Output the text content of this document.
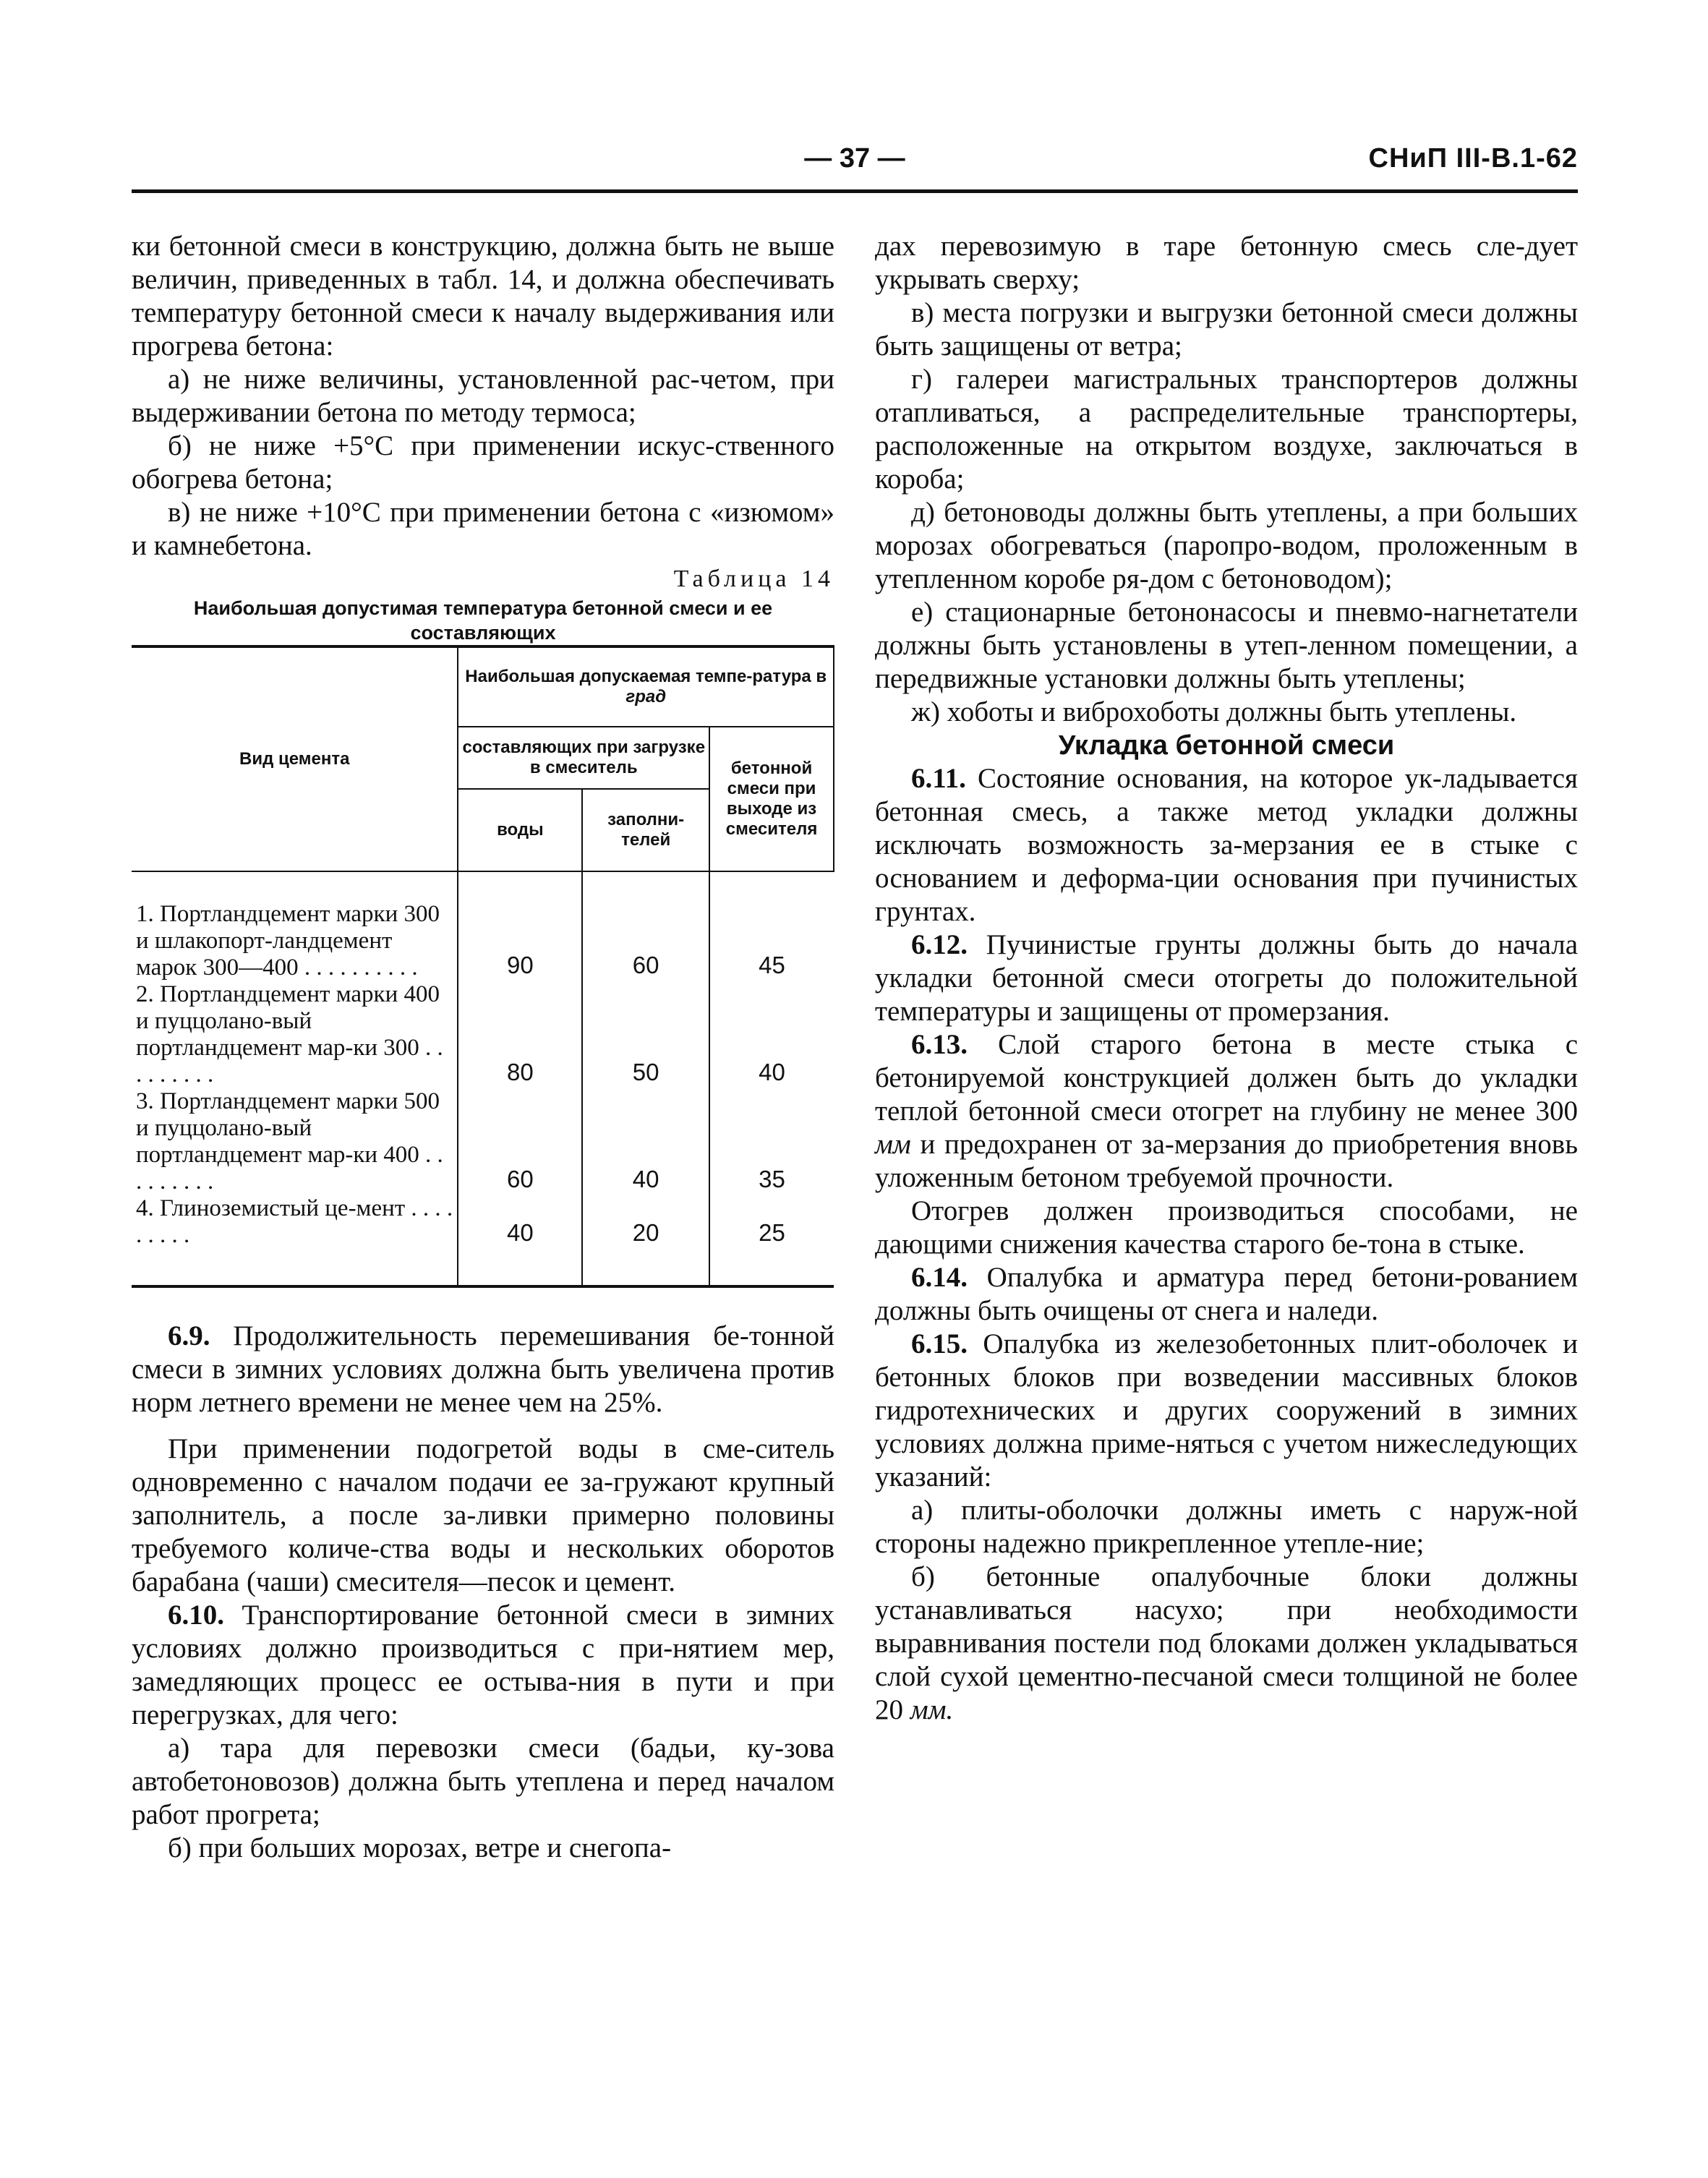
— 37 —	СНиП III-В.1-62

ки бетонной смеси в конструкцию, должна быть не выше величин, приведенных в табл. 14, и должна обеспечивать температуру бетонной смеси к началу выдерживания или прогрева бетона:

а) не ниже величины, установленной рас-четом, при выдерживании бетона по методу термоса;

б) не ниже +5°С при применении искус-ственного обогрева бетона;

в) не ниже +10°С при применении бетона с «изюмом» и камнебетона.

Таблица 14

Наибольшая допустимая температура бетонной смеси и ее составляющих

Вид цемента	Наибольшая допускаемая темпе-ратура в град		
	составляющих при загрузке в смеситель		бетонной смеси при выходе из смесителя
	воды	заполни-телей	
1. Портландцемент марки 300 и шлакопорт-ландцемент марок 300—400 . . . . . . . . . .	90	60	45
2. Портландцемент марки 400 и пуццолано-вый портландцемент мар-ки 300 . . . . . . . . .	80	50	40
3. Портландцемент марки 500 и пуццолано-вый портландцемент мар-ки 400 . . . . . . . . .	60	40	35
4. Глиноземистый це-мент . . . . . . . . .	40	20	25

6.9. Продолжительность перемешивания бе-тонной смеси в зимних условиях должна быть увеличена против норм летнего времени не менее чем на 25%.

При применении подогретой воды в сме-ситель одновременно с началом подачи ее за-гружают крупный заполнитель, а после за-ливки примерно половины требуемого количе-ства воды и нескольких оборотов барабана (чаши) смесителя—песок и цемент.

6.10. Транспортирование бетонной смеси в зимних условиях должно производиться с при-нятием мер, замедляющих процесс ее остыва-ния в пути и при перегрузках, для чего:

а) тара для перевозки смеси (бадьи, ку-зова автобетоновозов) должна быть утеплена и перед началом работ прогрета;

б) при больших морозах, ветре и снегопа-

дах перевозимую в таре бетонную смесь сле-дует укрывать сверху;

в) места погрузки и выгрузки бетонной смеси должны быть защищены от ветра;

г) галереи магистральных транспортеров должны отапливаться, а распределительные транспортеры, расположенные на открытом воздухе, заключаться в короба;

д) бетоноводы должны быть утеплены, а при больших морозах обогреваться (паропро-водом, проложенным в утепленном коробе ря-дом с бетоноводом);

е) стационарные бетононасосы и пневмо-нагнетатели должны быть установлены в утеп-ленном помещении, а передвижные установки должны быть утеплены;

ж) хоботы и виброхоботы должны быть утеплены.

Укладка бетонной смеси

6.11. Состояние основания, на которое ук-ладывается бетонная смесь, а также метод укладки должны исключать возможность за-мерзания ее в стыке с основанием и деформа-ции основания при пучинистых грунтах.

6.12. Пучинистые грунты должны быть до начала укладки бетонной смеси отогреты до положительной температуры и защищены от промерзания.

6.13. Слой старого бетона в месте стыка с бетонируемой конструкцией должен быть до укладки теплой бетонной смеси отогрет на глубину не менее 300 мм и предохранен от за-мерзания до приобретения вновь уложенным бетоном требуемой прочности.

Отогрев должен производиться способами, не дающими снижения качества старого бе-тона в стыке.

6.14. Опалубка и арматура перед бетони-рованием должны быть очищены от снега и наледи.

6.15. Опалубка из железобетонных плит-оболочек и бетонных блоков при возведении массивных блоков гидротехнических и других сооружений в зимних условиях должна приме-няться с учетом нижеследующих указаний:

а) плиты-оболочки должны иметь с наруж-ной стороны надежно прикрепленное утепле-ние;

б) бетонные опалубочные блоки должны устанавливаться насухо; при необходимости выравнивания постели под блоками должен укладываться слой сухой цементно-песчаной смеси толщиной не более 20 мм.
